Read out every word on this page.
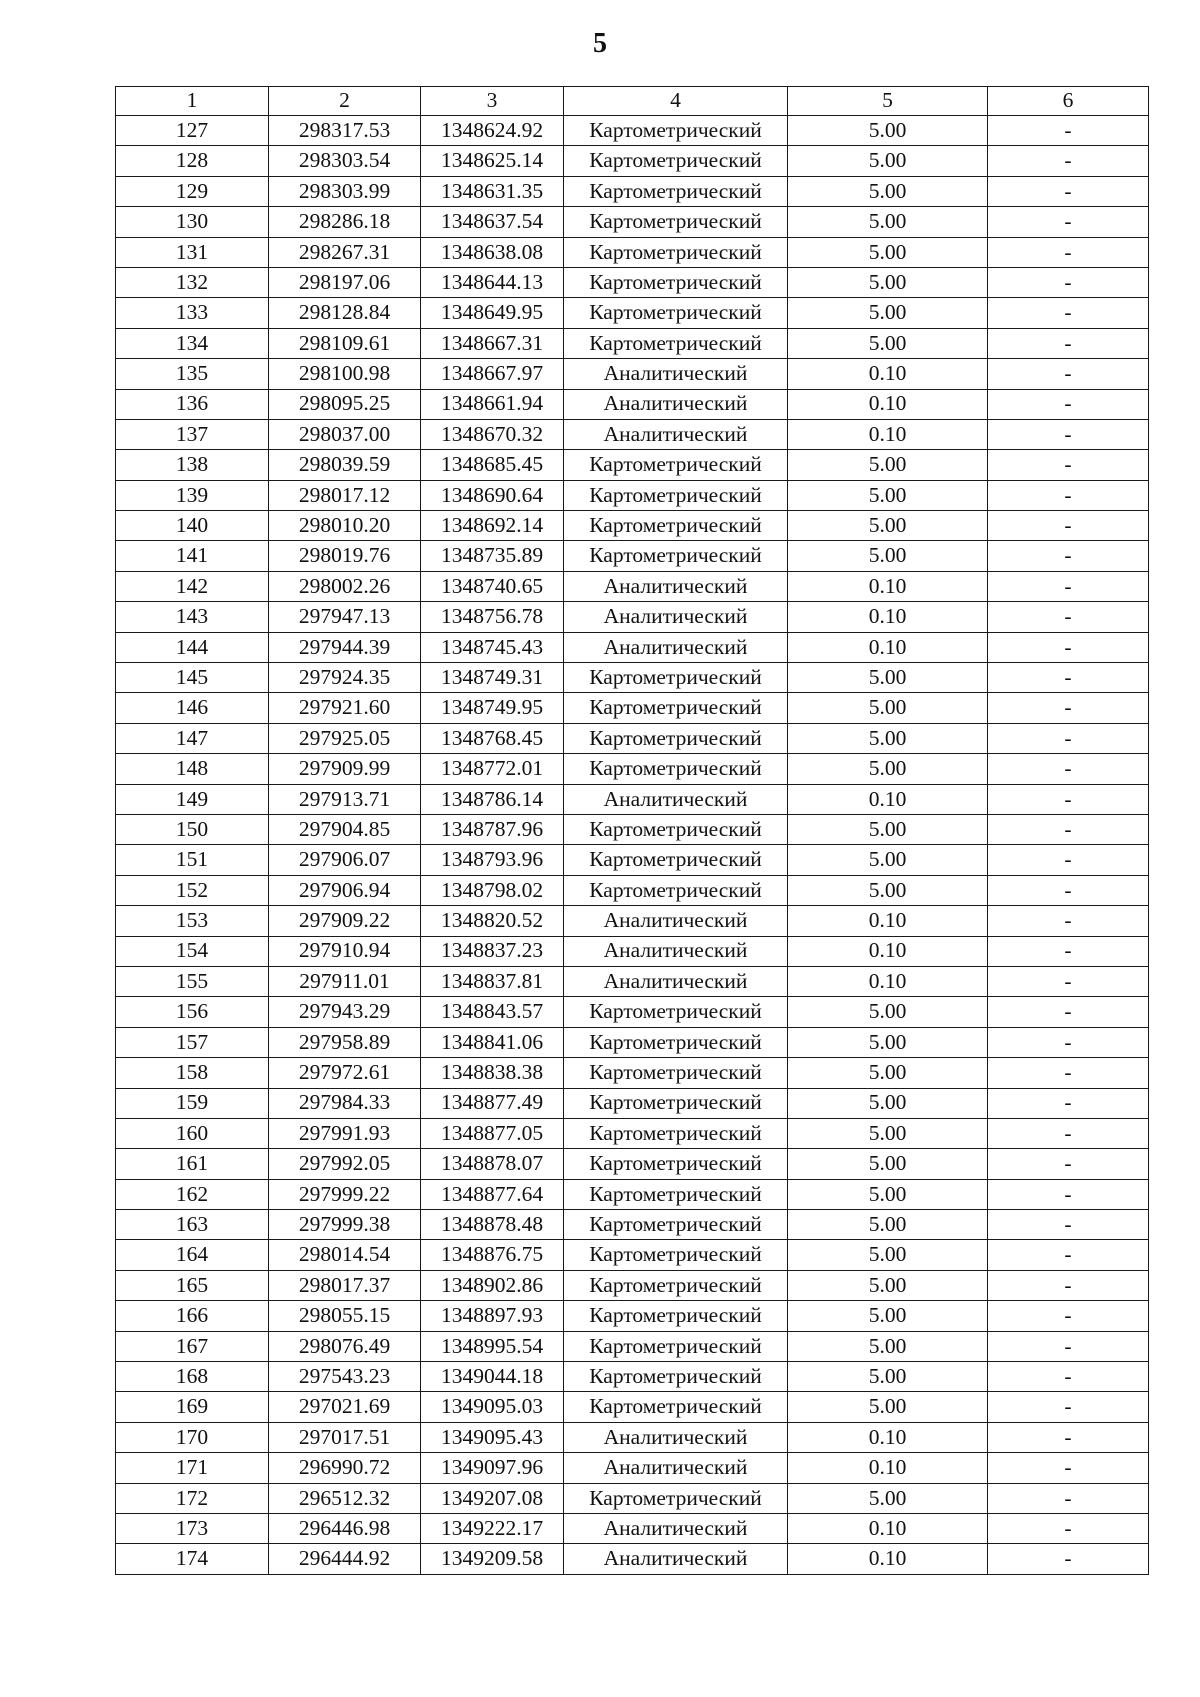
5
1	2	3	4	5	6
127	298317.53	1348624.92	Картометрический	5.00	-
128	298303.54	1348625.14	Картометрический	5.00	-
129	298303.99	1348631.35	Картометрический	5.00	-
130	298286.18	1348637.54	Картометрический	5.00	-
131	298267.31	1348638.08	Картометрический	5.00	-
132	298197.06	1348644.13	Картометрический	5.00	-
133	298128.84	1348649.95	Картометрический	5.00	-
134	298109.61	1348667.31	Картометрический	5.00	-
135	298100.98	1348667.97	Аналитический	0.10	-
136	298095.25	1348661.94	Аналитический	0.10	-
137	298037.00	1348670.32	Аналитический	0.10	-
138	298039.59	1348685.45	Картометрический	5.00	-
139	298017.12	1348690.64	Картометрический	5.00	-
140	298010.20	1348692.14	Картометрический	5.00	-
141	298019.76	1348735.89	Картометрический	5.00	-
142	298002.26	1348740.65	Аналитический	0.10	-
143	297947.13	1348756.78	Аналитический	0.10	-
144	297944.39	1348745.43	Аналитический	0.10	-
145	297924.35	1348749.31	Картометрический	5.00	-
146	297921.60	1348749.95	Картометрический	5.00	-
147	297925.05	1348768.45	Картометрический	5.00	-
148	297909.99	1348772.01	Картометрический	5.00	-
149	297913.71	1348786.14	Аналитический	0.10	-
150	297904.85	1348787.96	Картометрический	5.00	-
151	297906.07	1348793.96	Картометрический	5.00	-
152	297906.94	1348798.02	Картометрический	5.00	-
153	297909.22	1348820.52	Аналитический	0.10	-
154	297910.94	1348837.23	Аналитический	0.10	-
155	297911.01	1348837.81	Аналитический	0.10	-
156	297943.29	1348843.57	Картометрический	5.00	-
157	297958.89	1348841.06	Картометрический	5.00	-
158	297972.61	1348838.38	Картометрический	5.00	-
159	297984.33	1348877.49	Картометрический	5.00	-
160	297991.93	1348877.05	Картометрический	5.00	-
161	297992.05	1348878.07	Картометрический	5.00	-
162	297999.22	1348877.64	Картометрический	5.00	-
163	297999.38	1348878.48	Картометрический	5.00	-
164	298014.54	1348876.75	Картометрический	5.00	-
165	298017.37	1348902.86	Картометрический	5.00	-
166	298055.15	1348897.93	Картометрический	5.00	-
167	298076.49	1348995.54	Картометрический	5.00	-
168	297543.23	1349044.18	Картометрический	5.00	-
169	297021.69	1349095.03	Картометрический	5.00	-
170	297017.51	1349095.43	Аналитический	0.10	-
171	296990.72	1349097.96	Аналитический	0.10	-
172	296512.32	1349207.08	Картометрический	5.00	-
173	296446.98	1349222.17	Аналитический	0.10	-
174	296444.92	1349209.58	Аналитический	0.10	-
